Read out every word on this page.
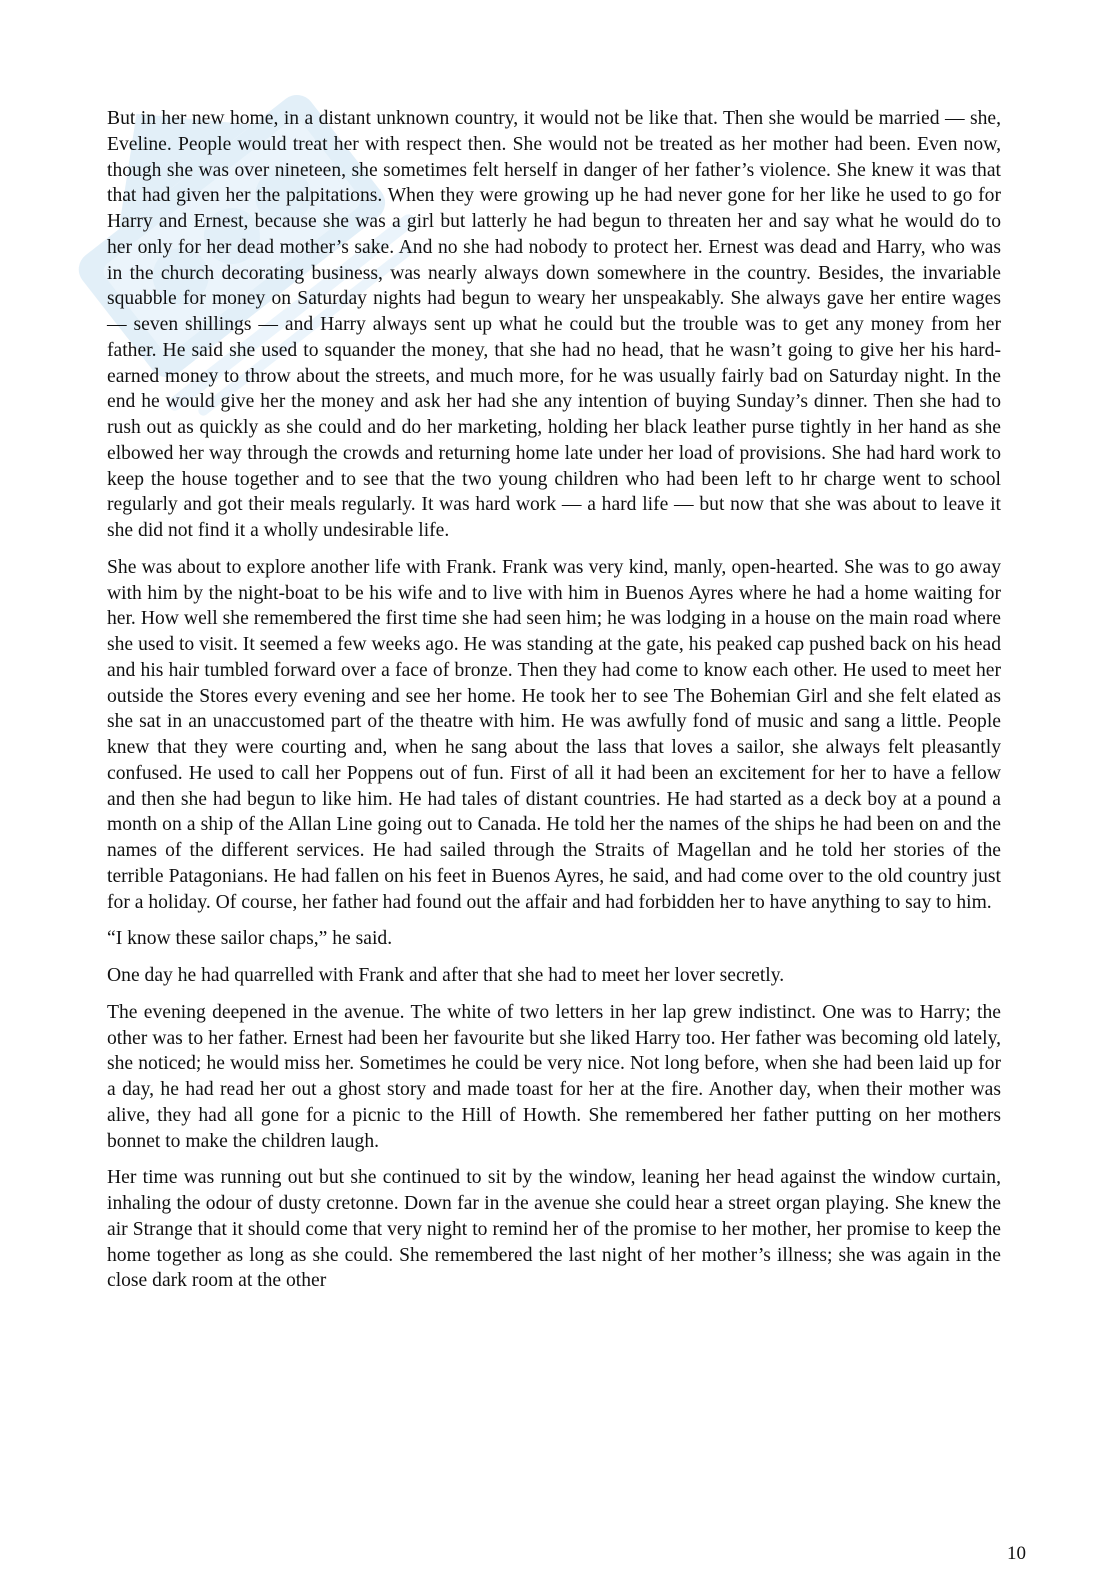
But in her new home, in a distant unknown country, it would not be like that. Then she would be married — she, Eveline. People would treat her with respect then. She would not be treated as her mother had been. Even now, though she was over nineteen, she sometimes felt herself in danger of her father’s violence. She knew it was that that had given her the palpitations. When they were growing up he had never gone for her like he used to go for Harry and Ernest, because she was a girl but latterly he had begun to threaten her and say what he would do to her only for her dead mother’s sake. And no she had nobody to protect her. Ernest was dead and Harry, who was in the church decorating business, was nearly always down somewhere in the country. Besides, the invariable squabble for money on Saturday nights had begun to weary her unspeakably. She always gave her entire wages — seven shillings — and Harry always sent up what he could but the trouble was to get any money from her father. He said she used to squander the money, that she had no head, that he wasn’t going to give her his hard-earned money to throw about the streets, and much more, for he was usually fairly bad on Saturday night. In the end he would give her the money and ask her had she any intention of buying Sunday’s dinner. Then she had to rush out as quickly as she could and do her marketing, holding her black leather purse tightly in her hand as she elbowed her way through the crowds and returning home late under her load of provisions. She had hard work to keep the house together and to see that the two young children who had been left to hr charge went to school regularly and got their meals regularly. It was hard work — a hard life — but now that she was about to leave it she did not find it a wholly undesirable life.

She was about to explore another life with Frank. Frank was very kind, manly, open-hearted. She was to go away with him by the night-boat to be his wife and to live with him in Buenos Ayres where he had a home waiting for her. How well she remembered the first time she had seen him; he was lodging in a house on the main road where she used to visit. It seemed a few weeks ago. He was standing at the gate, his peaked cap pushed back on his head and his hair tumbled forward over a face of bronze. Then they had come to know each other. He used to meet her outside the Stores every evening and see her home. He took her to see The Bohemian Girl and she felt elated as she sat in an unaccustomed part of the theatre with him. He was awfully fond of music and sang a little. People knew that they were courting and, when he sang about the lass that loves a sailor, she always felt pleasantly confused. He used to call her Poppens out of fun. First of all it had been an excitement for her to have a fellow and then she had begun to like him. He had tales of distant countries. He had started as a deck boy at a pound a month on a ship of the Allan Line going out to Canada. He told her the names of the ships he had been on and the names of the different services. He had sailed through the Straits of Magellan and he told her stories of the terrible Patagonians. He had fallen on his feet in Buenos Ayres, he said, and had come over to the old country just for a holiday. Of course, her father had found out the affair and had forbidden her to have anything to say to him.

“I know these sailor chaps,” he said.

One day he had quarrelled with Frank and after that she had to meet her lover secretly.

The evening deepened in the avenue. The white of two letters in her lap grew indistinct. One was to Harry; the other was to her father. Ernest had been her favourite but she liked Harry too. Her father was becoming old lately, she noticed; he would miss her. Sometimes he could be very nice. Not long before, when she had been laid up for a day, he had read her out a ghost story and made toast for her at the fire. Another day, when their mother was alive, they had all gone for a picnic to the Hill of Howth. She remembered her father putting on her mothers bonnet to make the children laugh.

Her time was running out but she continued to sit by the window, leaning her head against the window curtain, inhaling the odour of dusty cretonne. Down far in the avenue she could hear a street organ playing. She knew the air Strange that it should come that very night to remind her of the promise to her mother, her promise to keep the home together as long as she could. She remembered the last night of her mother’s illness; she was again in the close dark room at the other

10
